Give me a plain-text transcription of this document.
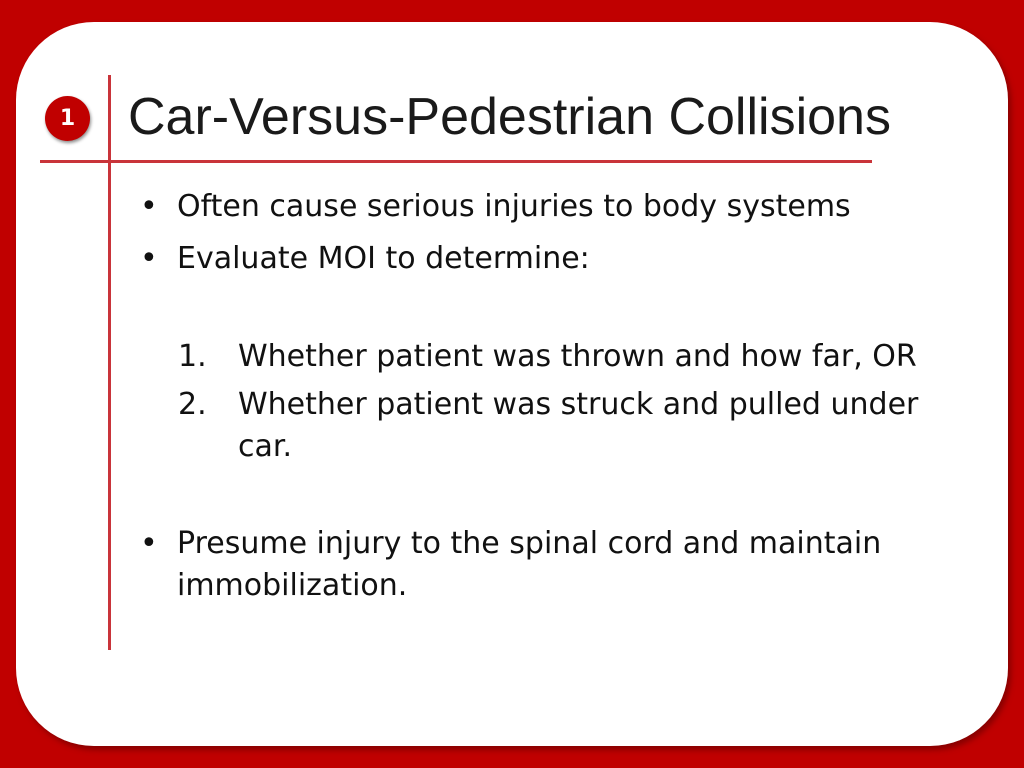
1 Car-Versus-Pedestrian Collisions
• Often cause serious injuries to body systems
• Evaluate MOI to determine:
1. Whether patient was thrown and how far, OR
2. Whether patient was struck and pulled under car.
• Presume injury to the spinal cord and maintain immobilization.
